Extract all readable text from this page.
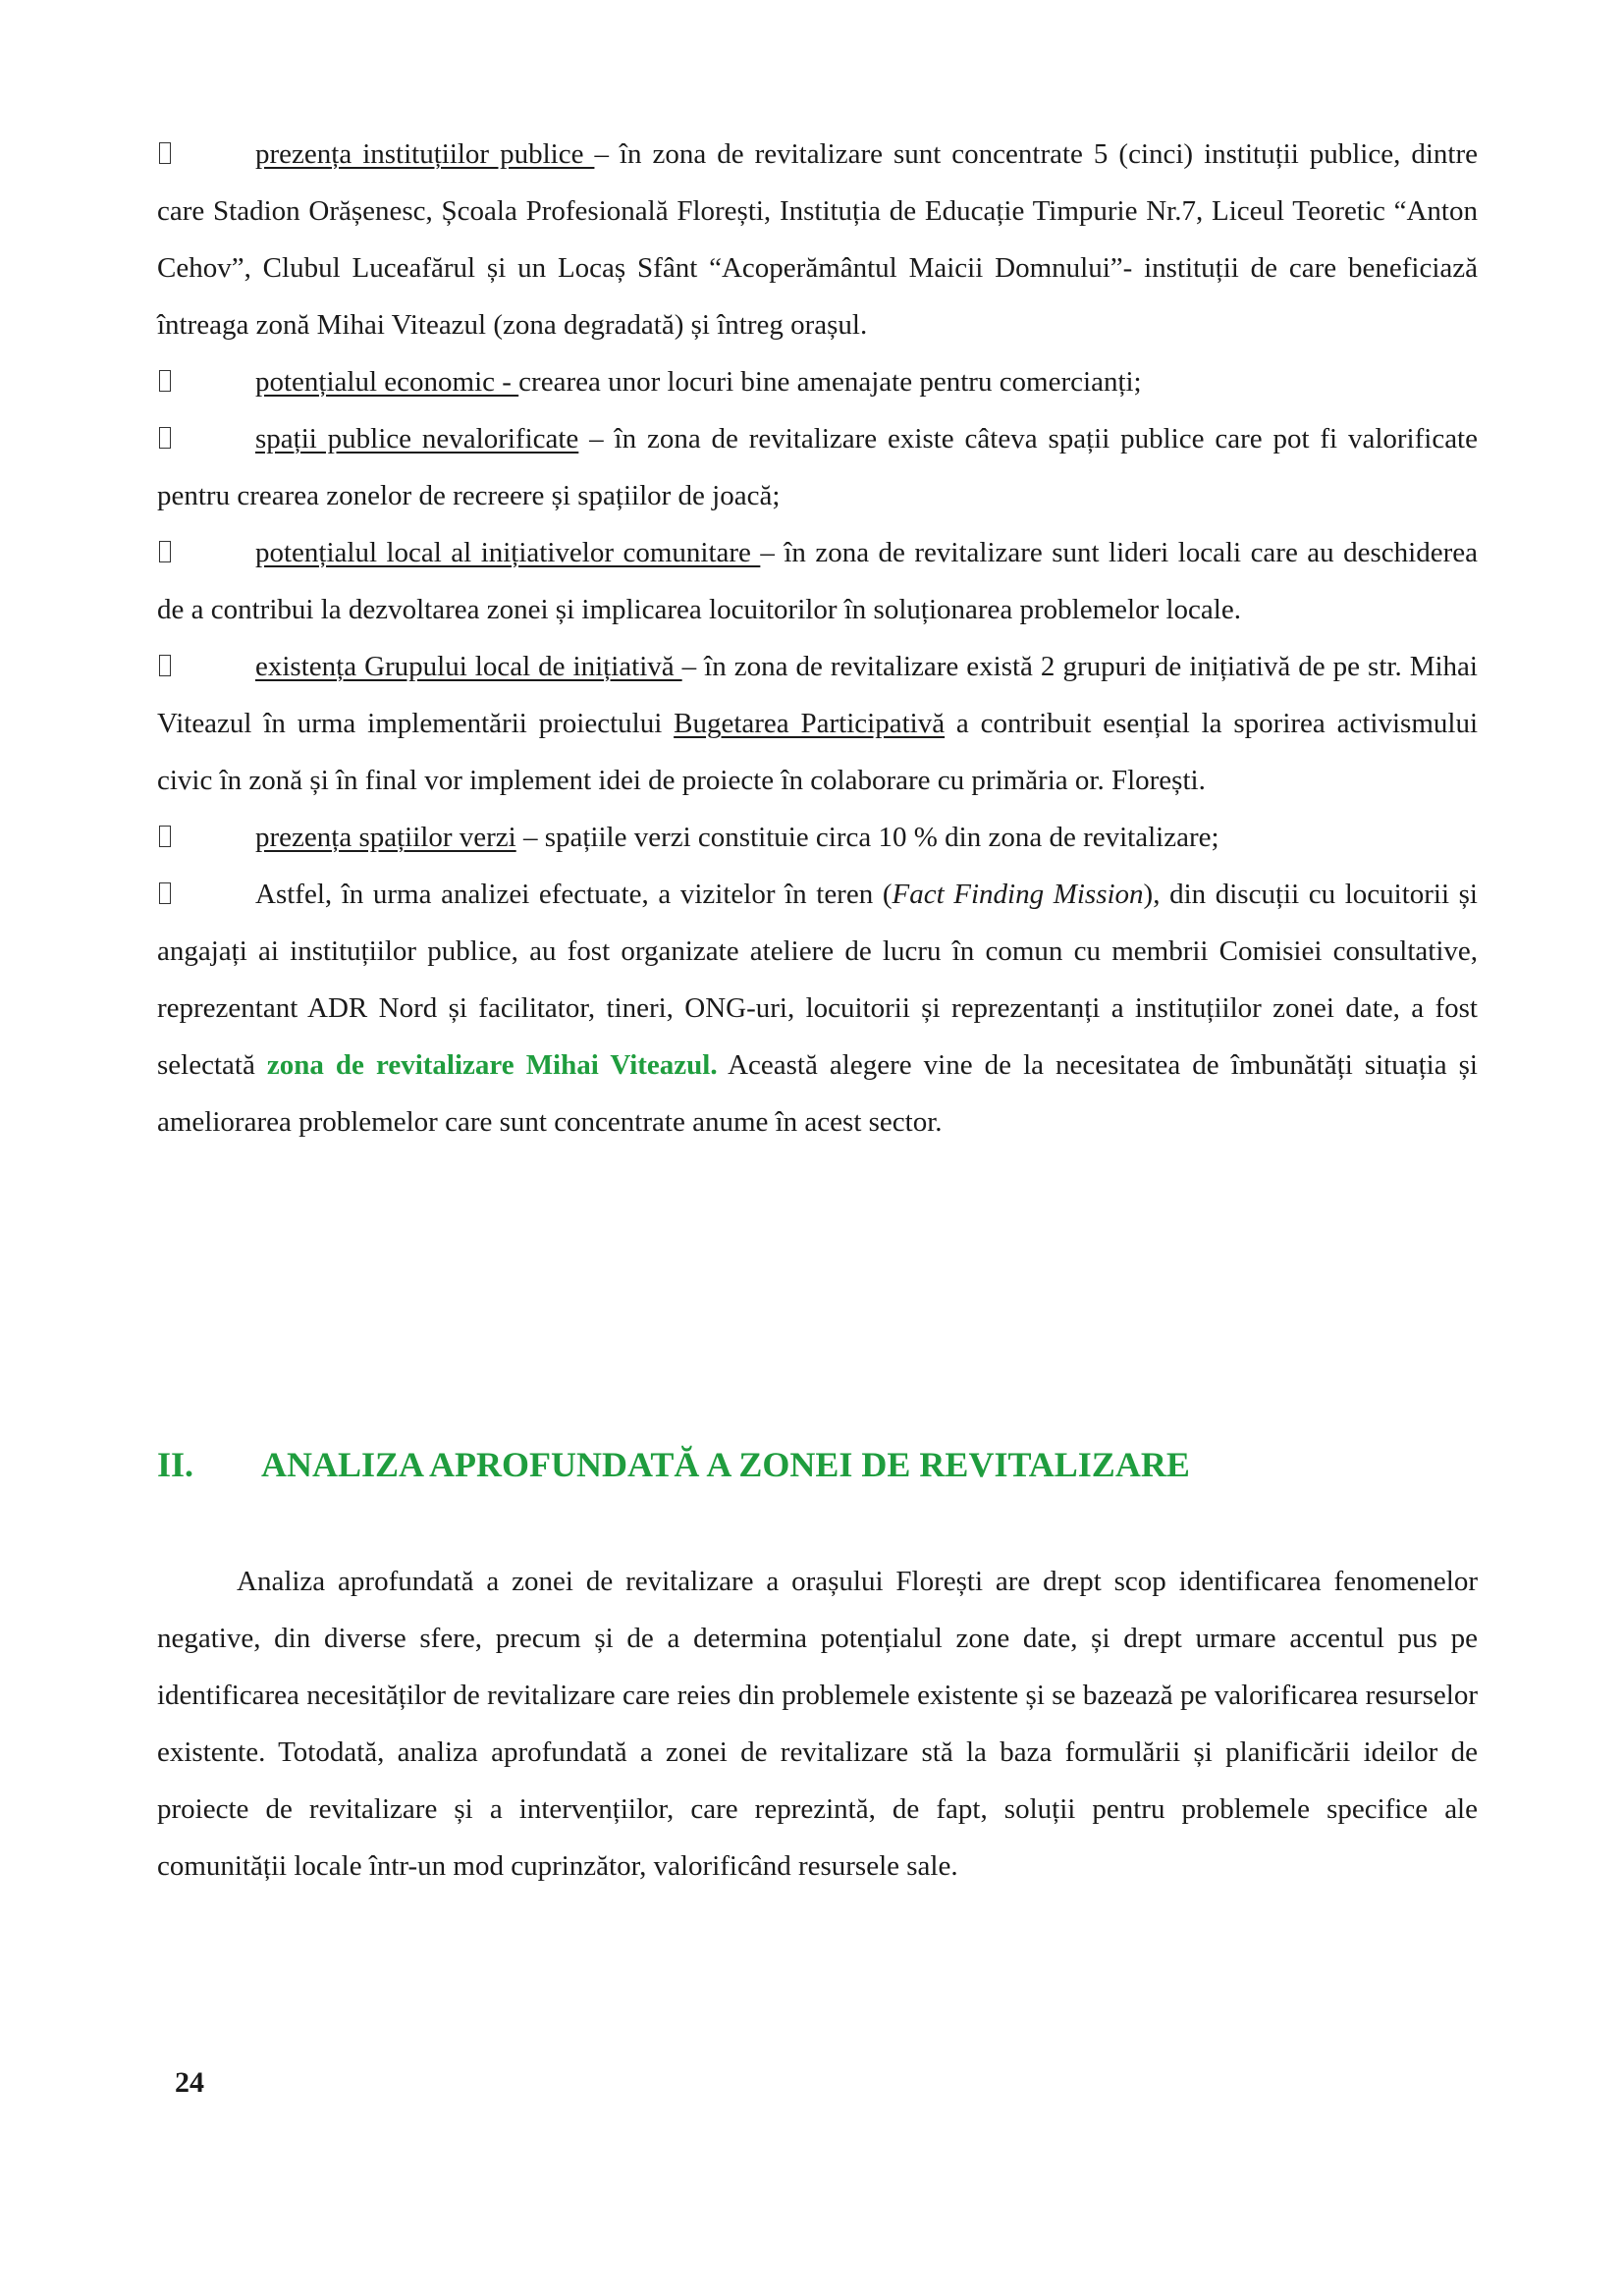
prezența instituțiilor publice – în zona de revitalizare sunt concentrate 5 (cinci) instituții publice, dintre care Stadion Orășenesc, Școala Profesională Florești, Instituția de Educație Timpurie Nr.7, Liceul Teoretic “Anton Cehov”, Clubul Luceafărul și un Locaș Sfânt “Acoperământul Maicii Domnului”- instituții de care beneficiază întreaga zonă Mihai Viteazul (zona degradată) și întreg orașul.

potențialul economic - crearea unor locuri bine amenajate pentru comercianți;

spații publice nevalorificate – în zona de revitalizare existe câteva spații publice care pot fi valorificate pentru crearea zonelor de recreere și spațiilor de joacă;

potențialul local al inițiativelor comunitare – în zona de revitalizare sunt lideri locali care au deschiderea de a contribui la dezvoltarea zonei și implicarea locuitorilor în soluționarea problemelor locale.

existența Grupului local de inițiativă – în zona de revitalizare există 2 grupuri de inițiativă de pe str. Mihai Viteazul în urma implementării proiectului Bugetarea Participativă a contribuit esențial la sporirea activismului civic în zonă și în final vor implement idei de proiecte în colaborare cu primăria or. Florești.

prezența spațiilor verzi – spațiile verzi constituie circa 10 % din zona de revitalizare;

Astfel, în urma analizei efectuate, a vizitelor în teren (Fact Finding Mission), din discuții cu locuitorii și angajați ai instituțiilor publice, au fost organizate ateliere de lucru în comun cu membrii Comisiei consultative, reprezentant ADR Nord și facilitator, tineri, ONG-uri, locuitorii și reprezentanți a instituțiilor zonei date, a fost selectată zona de revitalizare Mihai Viteazul. Această alegere vine de la necesitatea de îmbunătăți situația și ameliorarea problemelor care sunt concentrate anume în acest sector.

II. ANALIZA APROFUNDATĂ A ZONEI DE REVITALIZARE

Analiza aprofundată a zonei de revitalizare a orașului Florești are drept scop identificarea fenomenelor negative, din diverse sfere, precum și de a determina potențialul zone date, și drept urmare accentul pus pe identificarea necesităților de revitalizare care reies din problemele existente și se bazează pe valorificarea resurselor existente. Totodată, analiza aprofundată a zonei de revitalizare stă la baza formulării și planificării ideilor de proiecte de revitalizare și a intervențiilor, care reprezintă, de fapt, soluții pentru problemele specifice ale comunității locale într-un mod cuprinzător, valorificând resursele sale.

24
